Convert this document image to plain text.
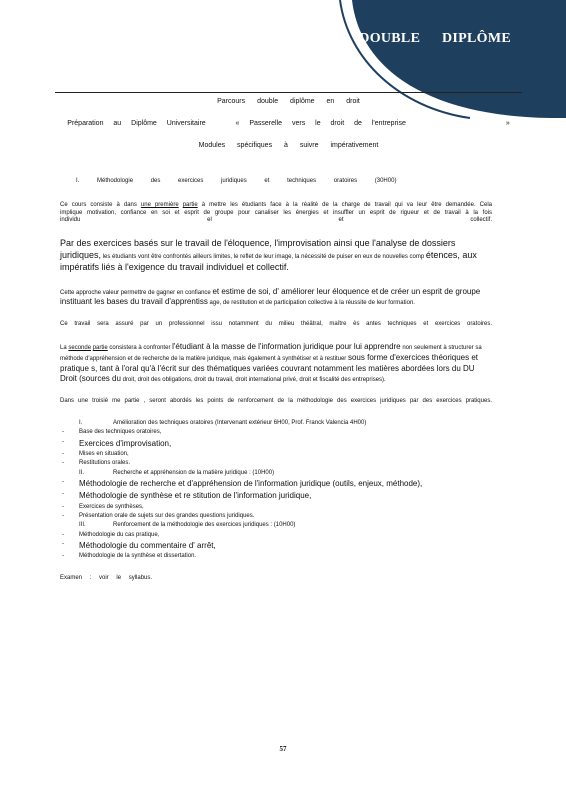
DOUBLE DIPLÔME
Parcours double diplôme en droit
Préparation au Diplôme Universitaire	« Passerelle vers le droit de l'entreprise	»
Modules spécifiques à suivre impérativement

I. Méthodologie des exercices juridiques et techniques oratoires (30H00)

Ce cours consiste à dans une première partie à mettre les étudiants face à la réalité de la charge de travail qui va leur être demandée. Cela implique motivation, confiance en soi et esprit de groupe pour canaliser les énergies et insuffler un esprit de rigueur et de travail à la fois individu el et collectif.

Par des exercices basés sur le travail de l'éloquence, l'improvisation ainsi que l'analyse de dossiers juridiques, les étudiants vont être confrontés ailleurs limites, le reflet de leur image, la nécessité de puiser en eux de nouvelles comp étences, aux impératifs liés à l'exigence du travail individuel et collectif.

Cette approche valeur permettre de gagner en confiance et estime de soi, d' améliorer leur éloquence et de créer un esprit de groupe instituant les bases du travail d'apprentiss age, de restitution et de participation collective à la réussite de leur formation.

Ce travail sera assuré par un professionnel issu notamment du milieu théâtral, maître ès antes techniques et exercices oratoires.

La seconde partie consistera à confronter l'étudiant à la masse de l'information juridique pour lui apprendre non seulement à structurer sa méthode d'appréhension et de recherche de la matière juridique, mais également à synthétiser et à restituer sous forme d'exercices théoriques et pratique s, tant à l'oral qu'à l'écrit sur des thématiques variées couvrant notamment les matières abordées lors du DU Droit (sources du droit, droit des obligations, droit du travail, droit international privé, droit et fiscalité des entreprises).

Dans une troisiè me partie , seront abordés les points de renforcement de la méthodologie des exercices juridiques par des exercices pratiques.

I.	Amélioration des techniques oratoires (Intervenant extérieur 6H00, Prof. Franck Valencia 4H00)
- Base des techniques oratoires,
- Exercices d'improvisation,
- Mises en situation,
- Restitutions orales.
II.	Recherche et appréhension de la matière juridique : (10H00)
- Méthodologie de recherche et d'appréhension de l'information juridique (outils, enjeux, méthode),
- Méthodologie de synthèse et re stitution de l'information juridique,
- Exercices de synthèses,
- Présentation orale de sujets sur des grandes questions juridiques.
III.	Renforcement de la méthodologie des exercices juridiques : (10H00)
- Méthodologie du cas pratique,
- Méthodologie du commentaire d' arrêt,
- Méthodologie de la synthèse et dissertation.

Examen : voir le syllabus.

57
